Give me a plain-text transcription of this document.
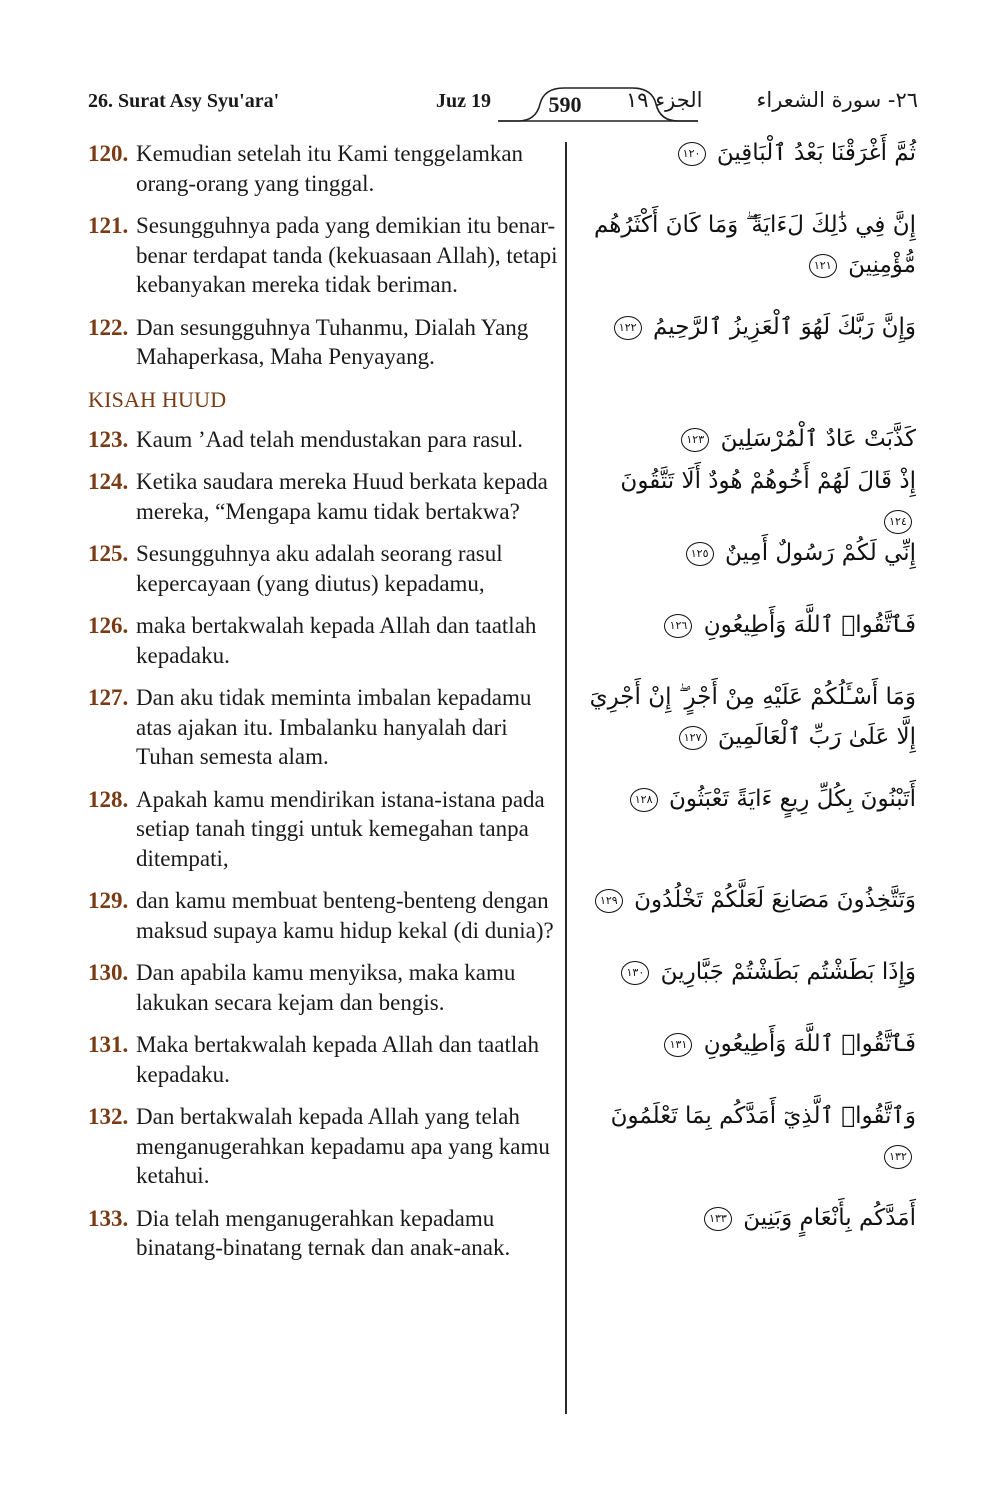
26. Surat Asy Syu'ara'	Juz 19	590	الجزء ١٩	٢٦- سورة الشعراء
120. Kemudian setelah itu Kami tenggelamkan orang-orang yang tinggal.
121. Sesungguhnya pada yang demikian itu benar-benar terdapat tanda (kekuasaan Allah), tetapi kebanyakan mereka tidak beriman.
122. Dan sesungguhnya Tuhanmu, Dialah Yang Mahaperkasa, Maha Penyayang.
KISAH HUUD
123. Kaum ’Aad telah mendustakan para rasul.
124. Ketika saudara mereka Huud berkata kepada mereka, “Mengapa kamu tidak bertakwa?
125. Sesungguhnya aku adalah seorang rasul kepercayaan (yang diutus) kepadamu,
126. maka bertakwalah kepada Allah dan taatlah kepadaku.
127. Dan aku tidak meminta imbalan kepadamu atas ajakan itu. Imbalanku hanyalah dari Tuhan semesta alam.
128. Apakah kamu mendirikan istana-istana pada setiap tanah tinggi untuk kemegahan tanpa ditempati,
129. dan kamu membuat benteng-benteng dengan maksud supaya kamu hidup kekal (di dunia)?
130. Dan apabila kamu menyiksa, maka kamu lakukan secara kejam dan bengis.
131. Maka bertakwalah kepada Allah dan taatlah kepadaku.
132. Dan bertakwalah kepada Allah yang telah menganugerahkan kepadamu apa yang kamu ketahui.
133. Dia telah menganugerahkan kepadamu binatang-binatang ternak dan anak-anak.
ثُمَّ أَغْرَقْنَا بَعْدُ ٱلْبَاقِينَ ١٢٠
إِنَّ فِي ذَٰلِكَ لَءَايَةً ۖ وَمَا كَانَ أَكْثَرُهُم مُّؤْمِنِينَ ١٢١
وَإِنَّ رَبَّكَ لَهُوَ ٱلْعَزِيزُ ٱلرَّحِيمُ ١٢٢
كَذَّبَتْ عَادٌ ٱلْمُرْسَلِينَ ١٢٣
إِذْ قَالَ لَهُمْ أَخُوهُمْ هُودٌ أَلَا تَتَّقُونَ ١٢٤
إِنِّي لَكُمْ رَسُولٌ أَمِينٌ ١٢٥
فَٱتَّقُوا۟ ٱللَّهَ وَأَطِيعُونِ ١٢٦
وَمَا أَسْـَٔلُكُمْ عَلَيْهِ مِنْ أَجْرٍ ۖ إِنْ أَجْرِيَ إِلَّا عَلَىٰ رَبِّ ٱلْعَالَمِينَ ١٢٧
أَتَبْنُونَ بِكُلِّ رِيعٍ ءَايَةً تَعْبَثُونَ ١٢٨
وَتَتَّخِذُونَ مَصَانِعَ لَعَلَّكُمْ تَخْلُدُونَ ١٢٩
وَإِذَا بَطَشْتُم بَطَشْتُمْ جَبَّارِينَ ١٣٠
فَٱتَّقُوا۟ ٱللَّهَ وَأَطِيعُونِ ١٣١
وَٱتَّقُوا۟ ٱلَّذِيٓ أَمَدَّكُم بِمَا تَعْلَمُونَ ١٣٢
أَمَدَّكُم بِأَنْعَامٍ وَبَنِينَ ١٣٣
